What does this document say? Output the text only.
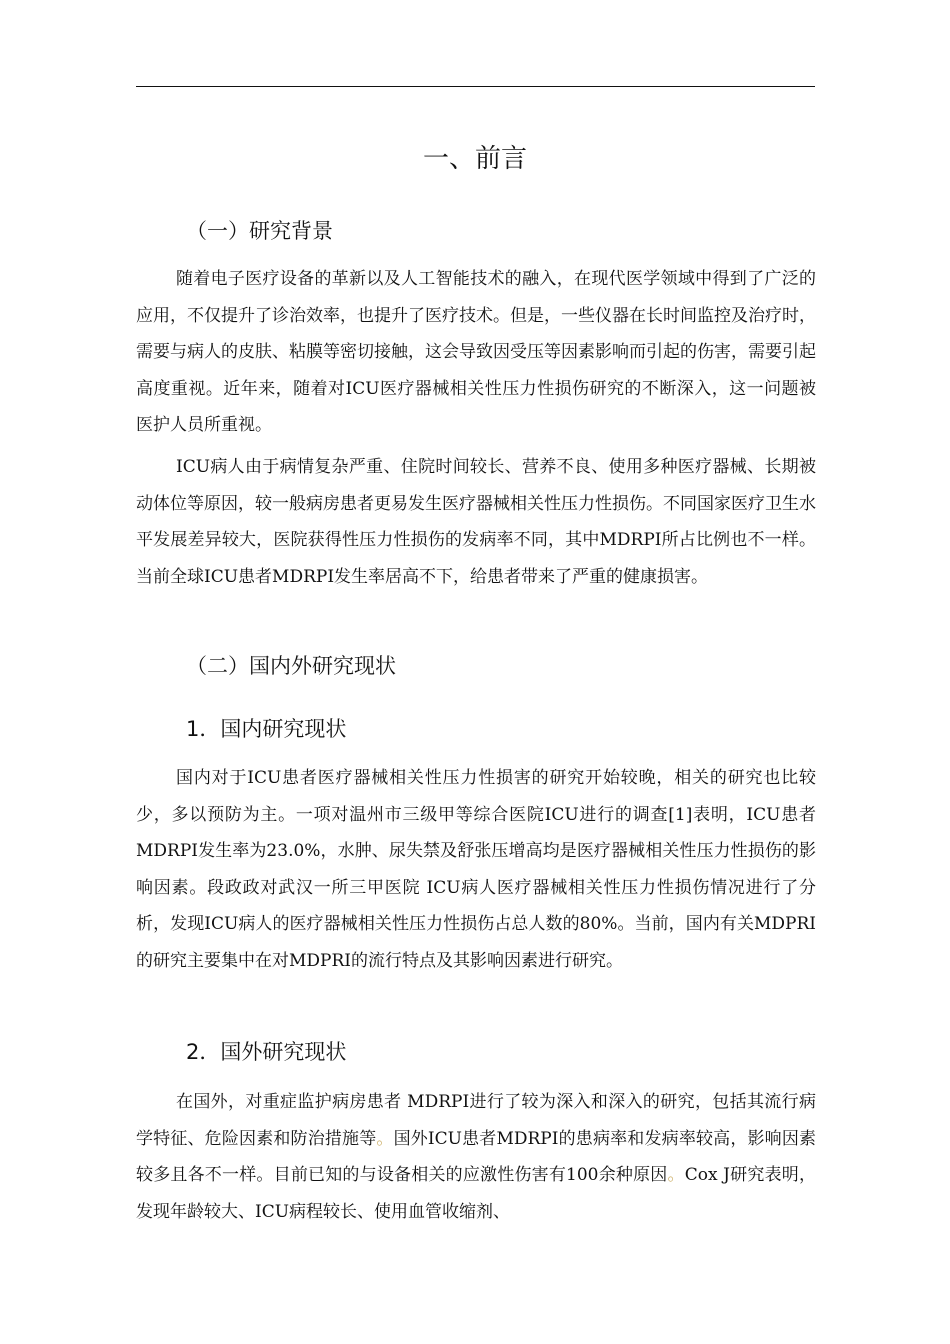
一、前言
（一）研究背景

随着电子医疗设备的革新以及人工智能技术的融入，在现代医学领域中得到了广泛的应用，不仅提升了诊治效率，也提升了医疗技术。但是，一些仪器在长时间监控及治疗时，需要与病人的皮肤、粘膜等密切接触，这会导致因受压等因素影响而引起的伤害，需要引起高度重视。近年来，随着对ICU医疗器械相关性压力性损伤研究的不断深入，这一问题被医护人员所重视。

ICU病人由于病情复杂严重、住院时间较长、营养不良、使用多种医疗器械、长期被动体位等原因，较一般病房患者更易发生医疗器械相关性压力性损伤。不同国家医疗卫生水平发展差异较大，医院获得性压力性损伤的发病率不同，其中MDRPI所占比例也不一样。当前全球ICU患者MDRPI发生率居高不下，给患者带来了严重的健康损害。

（二）国内外研究现状
1．国内研究现状

国内对于ICU患者医疗器械相关性压力性损害的研究开始较晚，相关的研究也比较少，多以预防为主。一项对温州市三级甲等综合医院ICU进行的调查[1]表明，ICU患者MDRPI发生率为23.0%，水肿、尿失禁及舒张压增高均是医疗器械相关性压力性损伤的影响因素。段政政对武汉一所三甲医院 ICU病人医疗器械相关性压力性损伤情况进行了分析，发现ICU病人的医疗器械相关性压力性损伤占总人数的80%。当前，国内有关MDPRI的研究主要集中在对MDPRI的流行特点及其影响因素进行研究。

2．国外研究现状

在国外，对重症监护病房患者 MDRPI进行了较为深入和深入的研究，包括其流行病学特征、危险因素和防治措施等。国外ICU患者MDRPI的患病率和发病率较高，影响因素较多且各不一样。目前已知的与设备相关的应激性伤害有100余种原因。Cox J研究表明，发现年龄较大、ICU病程较长、使用血管收缩剂、
